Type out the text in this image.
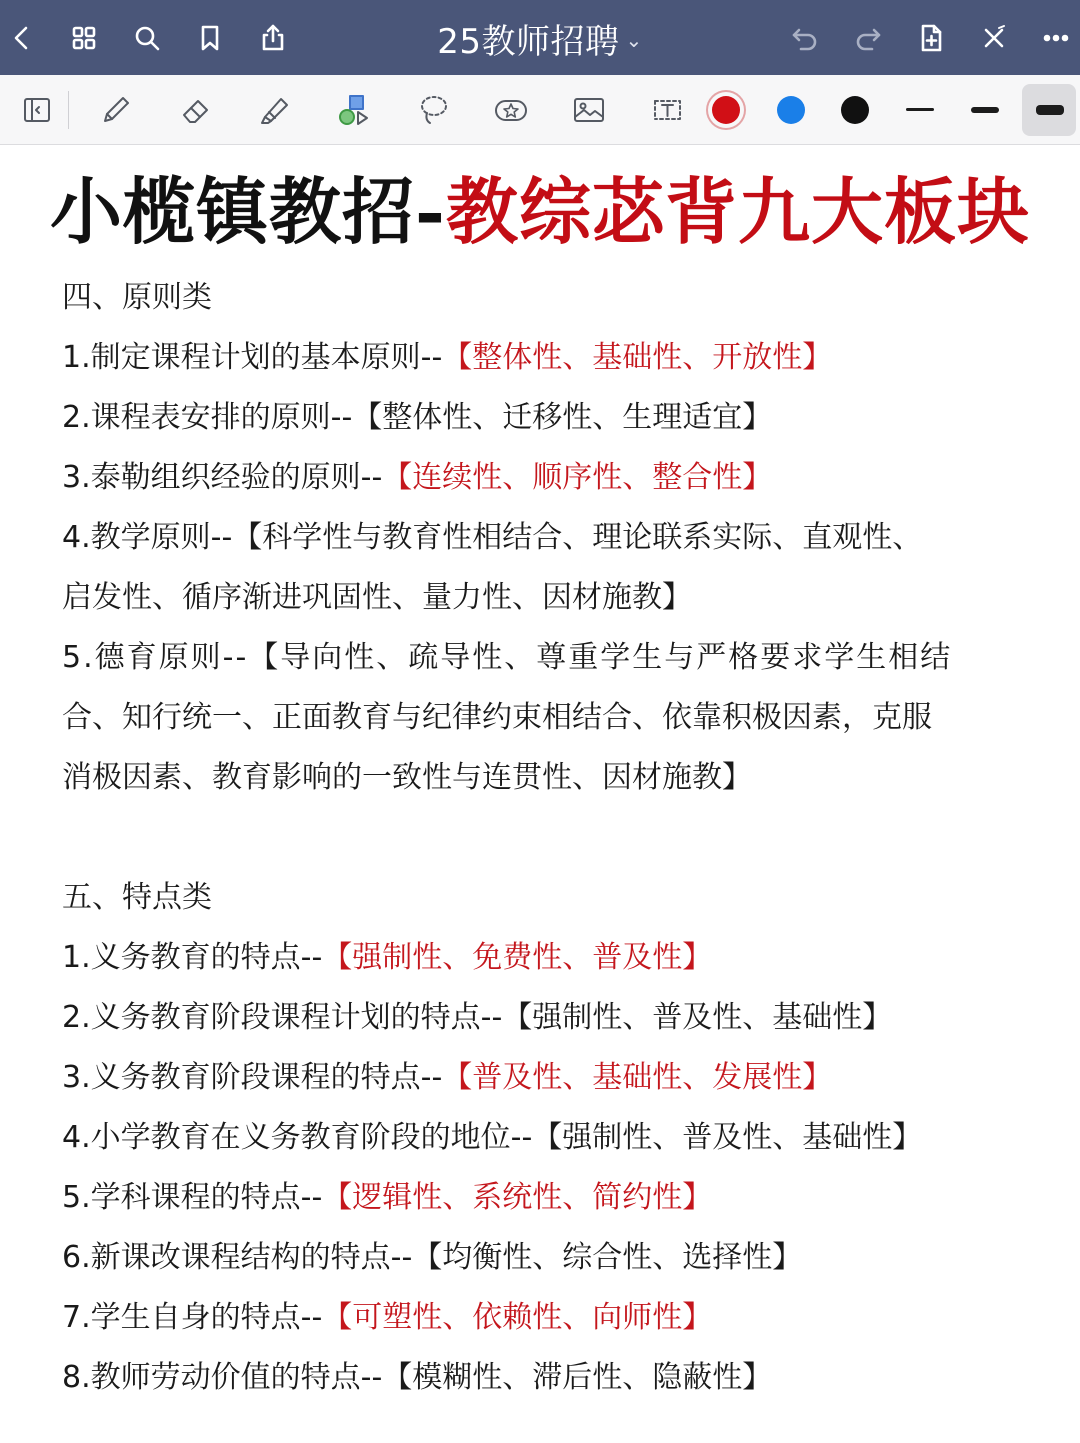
25教师招聘 ⌄
小榄镇教招-教综苾背九大板块
四、原则类
1.制定课程计划的基本原则--【整体性、基础性、开放性】
2.课程表安排的原则--【整体性、迁移性、生理适宜】
3.泰勒组织经验的原则--【连续性、顺序性、整合性】
4.教学原则--【科学性与教育性相结合、理论联系实际、直观性、
启发性、循序渐进巩固性、量力性、因材施教】
5.德育原则--【导向性、疏导性、尊重学生与严格要求学生相结
合、知行统一、正面教育与纪律约束相结合、依靠积极因素，克服
消极因素、教育影响的一致性与连贯性、因材施教】
五、特点类
1.义务教育的特点--【强制性、免费性、普及性】
2.义务教育阶段课程计划的特点--【强制性、普及性、基础性】
3.义务教育阶段课程的特点--【普及性、基础性、发展性】
4.小学教育在义务教育阶段的地位--【强制性、普及性、基础性】
5.学科课程的特点--【逻辑性、系统性、简约性】
6.新课改课程结构的特点--【均衡性、综合性、选择性】
7.学生自身的特点--【可塑性、依赖性、向师性】
8.教师劳动价值的特点--【模糊性、滞后性、隐蔽性】
